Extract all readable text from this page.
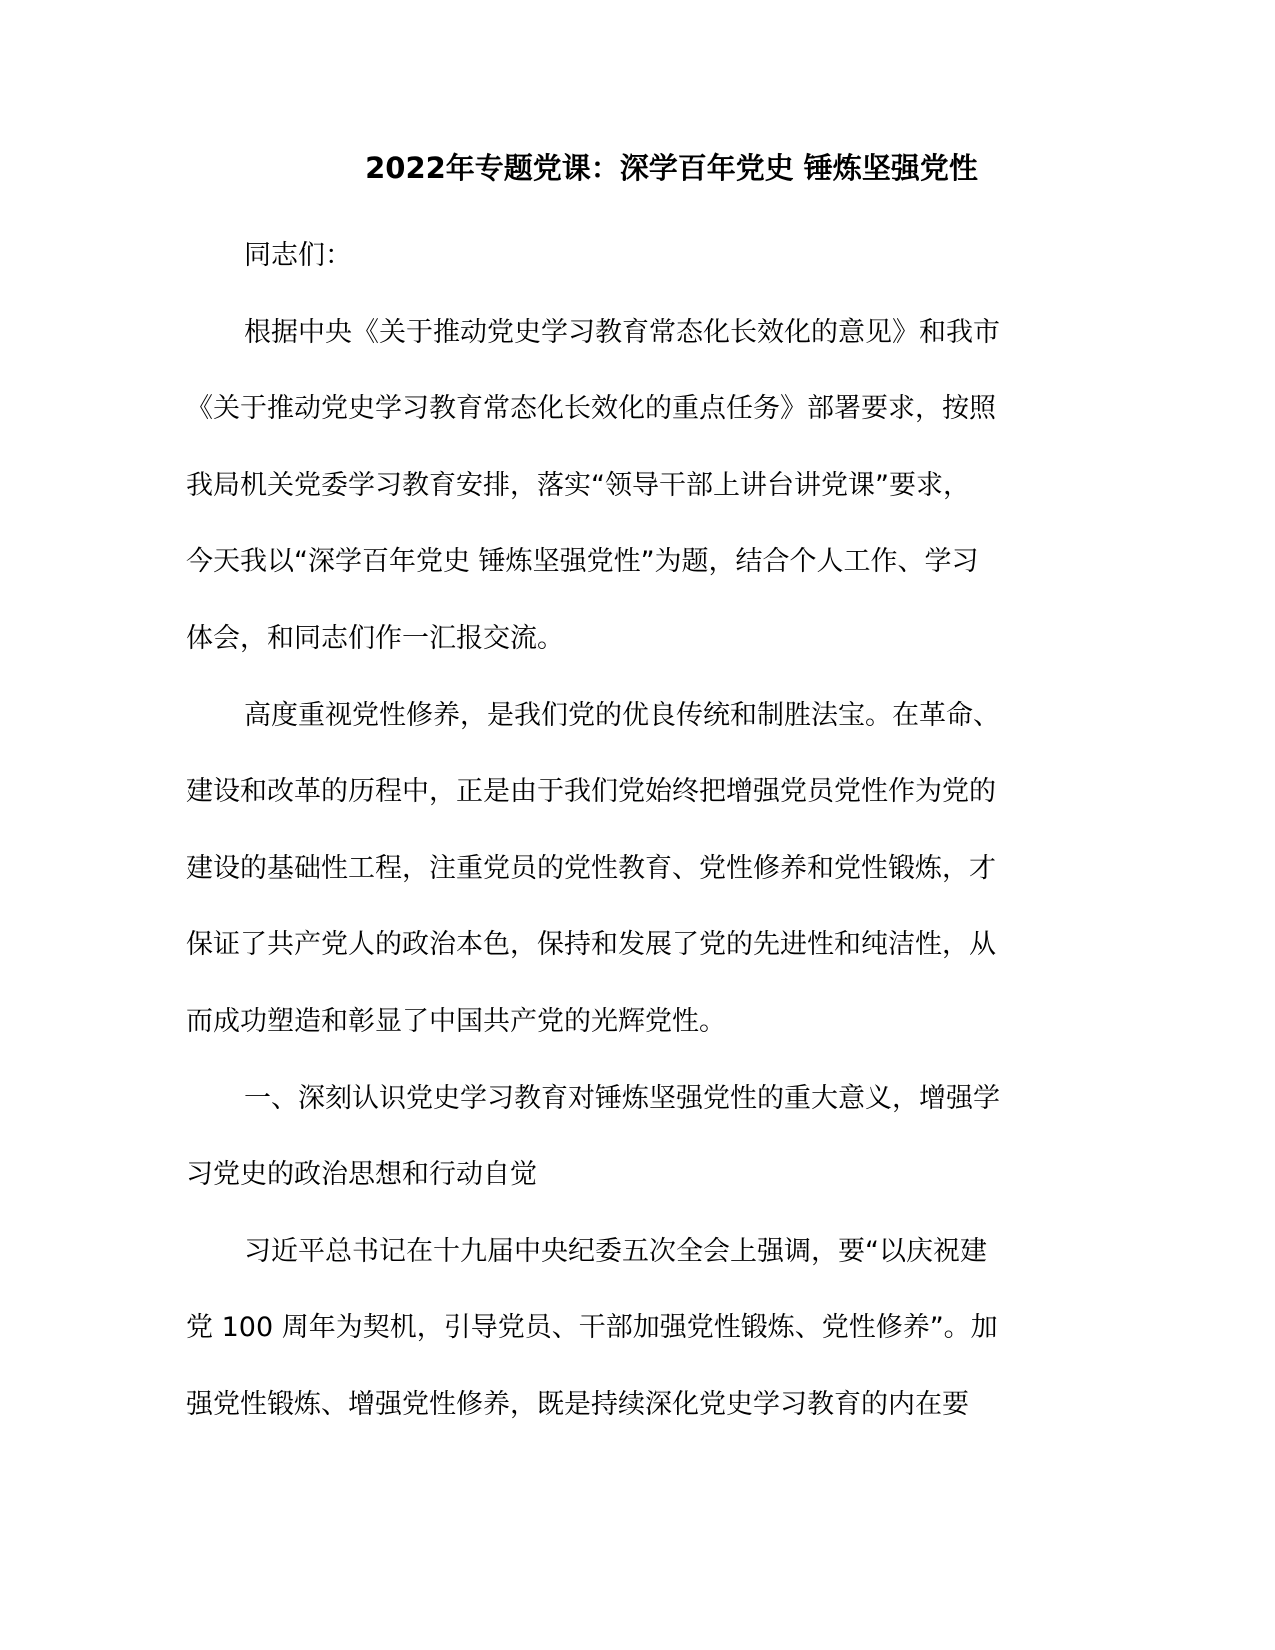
2022年专题党课：深学百年党史 锤炼坚强党性
同志们：
根据中央《关于推动党史学习教育常态化长效化的意见》和我市
《关于推动党史学习教育常态化长效化的重点任务》部署要求，按照
我局机关党委学习教育安排，落实“领导干部上讲台讲党课”要求，
今天我以“深学百年党史 锤炼坚强党性”为题，结合个人工作、学习
体会，和同志们作一汇报交流。
高度重视党性修养，是我们党的优良传统和制胜法宝。在革命、
建设和改革的历程中，正是由于我们党始终把增强党员党性作为党的
建设的基础性工程，注重党员的党性教育、党性修养和党性锻炼，才
保证了共产党人的政治本色，保持和发展了党的先进性和纯洁性，从
而成功塑造和彰显了中国共产党的光辉党性。
一、深刻认识党史学习教育对锤炼坚强党性的重大意义，增强学
习党史的政治思想和行动自觉
习近平总书记在十九届中央纪委五次全会上强调，要“以庆祝建
党 100 周年为契机，引导党员、干部加强党性锻炼、党性修养”。加
强党性锻炼、增强党性修养，既是持续深化党史学习教育的内在要
